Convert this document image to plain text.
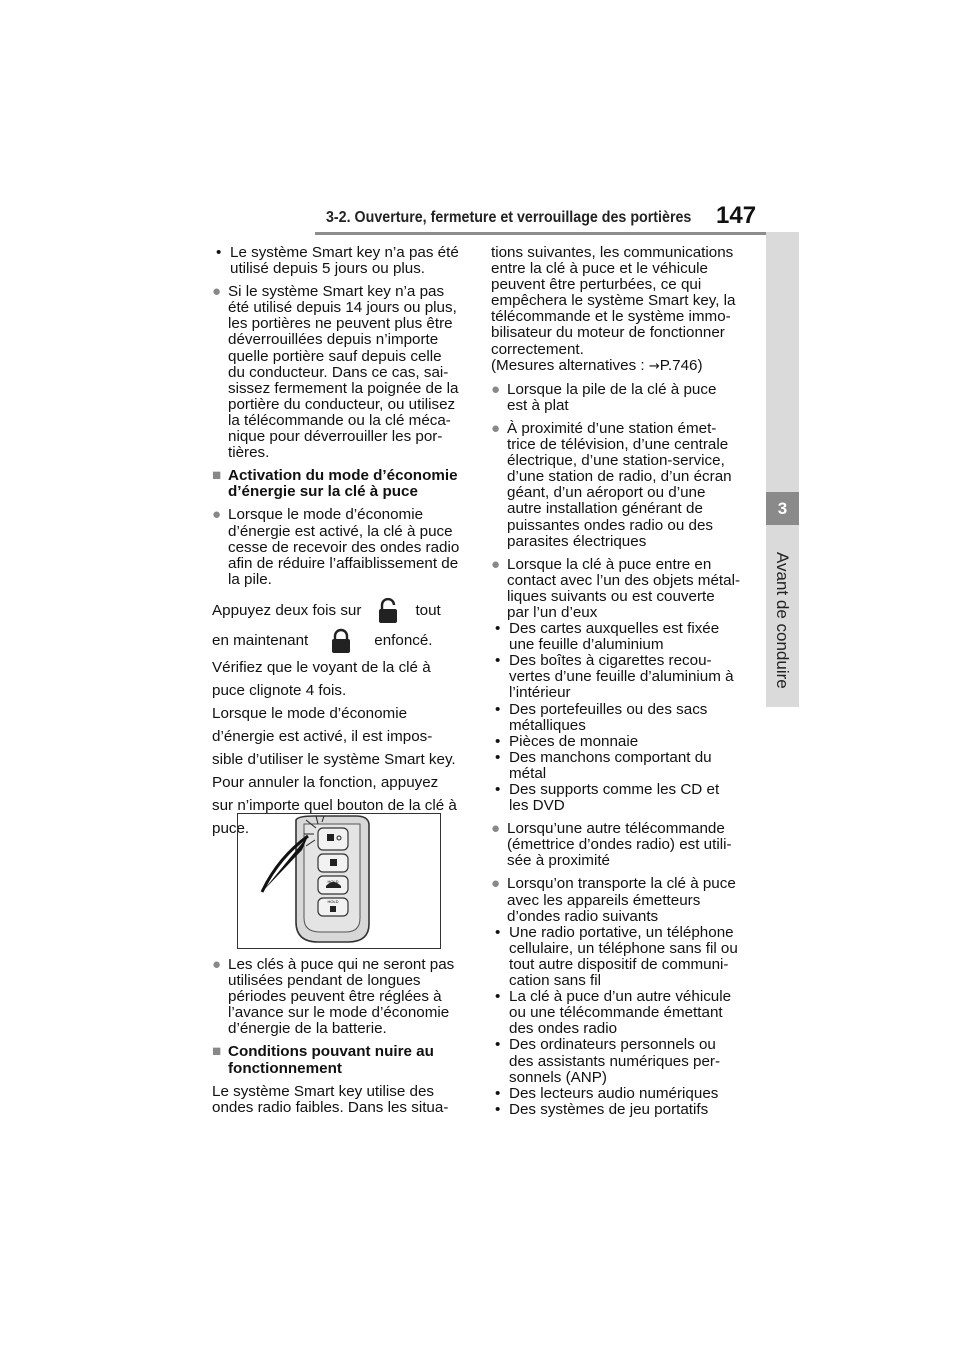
3-2. Ouverture, fermeture et verrouillage des portières 147
3
Avant de conduire
• Le système Smart key n’a pas été

utilisé depuis 5 jours ou plus.

● Si le système Smart key n’a pas

été utilisé depuis 14 jours ou plus,

les portières ne peuvent plus être

déverrouillées depuis n’importe

quelle portière sauf depuis celle

du conducteur. Dans ce cas, sai-

sissez fermement la poignée de la

portière du conducteur, ou utilisez

la télécommande ou la clé méca-

nique pour déverrouiller les por-

tières.

■ Activation du mode d’économie

d’énergie sur la clé à puce

● Lorsque le mode d’économie

d’énergie est activé, la clé à puce

cesse de recevoir des ondes radio

afin de réduire l’affaiblissement de

la pile.

Appuyez deux fois sur	tout

en maintenant	enfoncé.

Vérifiez que le voyant de la clé à

puce clignote 4 fois.

Lorsque le mode d’économie

d’énergie est activé, il est impos-

sible d’utiliser le système Smart key.

Pour annuler la fonction, appuyez

sur n’importe quel bouton de la clé à

puce.

HOLD
HOLD
● Les clés à puce qui ne seront pas

utilisées pendant de longues

périodes peuvent être réglées à

l’avance sur le mode d’économie

d’énergie de la batterie.

■ Conditions pouvant nuire au

fonctionnement

Le système Smart key utilise des

ondes radio faibles. Dans les situa-

tions suivantes, les communications

entre la clé à puce et le véhicule

peuvent être perturbées, ce qui

empêchera le système Smart key, la

télécommande et le système immo-

bilisateur du moteur de fonctionner

correctement.

(Mesures alternatives : →P.746)

● Lorsque la pile de la clé à puce

est à plat

● À proximité d’une station émet-

trice de télévision, d’une centrale

électrique, d’une station-service,

d’une station de radio, d’un écran

géant, d’un aéroport ou d’une

autre installation générant de

puissantes ondes radio ou des

parasites électriques

● Lorsque la clé à puce entre en

contact avec l’un des objets métal-

liques suivants ou est couverte

par l’un d’eux

• Des cartes auxquelles est fixée

une feuille d’aluminium

• Des boîtes à cigarettes recou-

vertes d’une feuille d’aluminium à

l’intérieur

• Des portefeuilles ou des sacs

métalliques

• Pièces de monnaie

• Des manchons comportant du

métal

• Des supports comme les CD et

les DVD

● Lorsqu’une autre télécommande

(émettrice d’ondes radio) est utili-

sée à proximité

● Lorsqu’on transporte la clé à puce

avec les appareils émetteurs

d’ondes radio suivants

• Une radio portative, un téléphone

cellulaire, un téléphone sans fil ou

tout autre dispositif de communi-

cation sans fil

• La clé à puce d’un autre véhicule

ou une télécommande émettant

des ondes radio

• Des ordinateurs personnels ou

des assistants numériques per-

sonnels (ANP)

• Des lecteurs audio numériques

• Des systèmes de jeu portatifs
